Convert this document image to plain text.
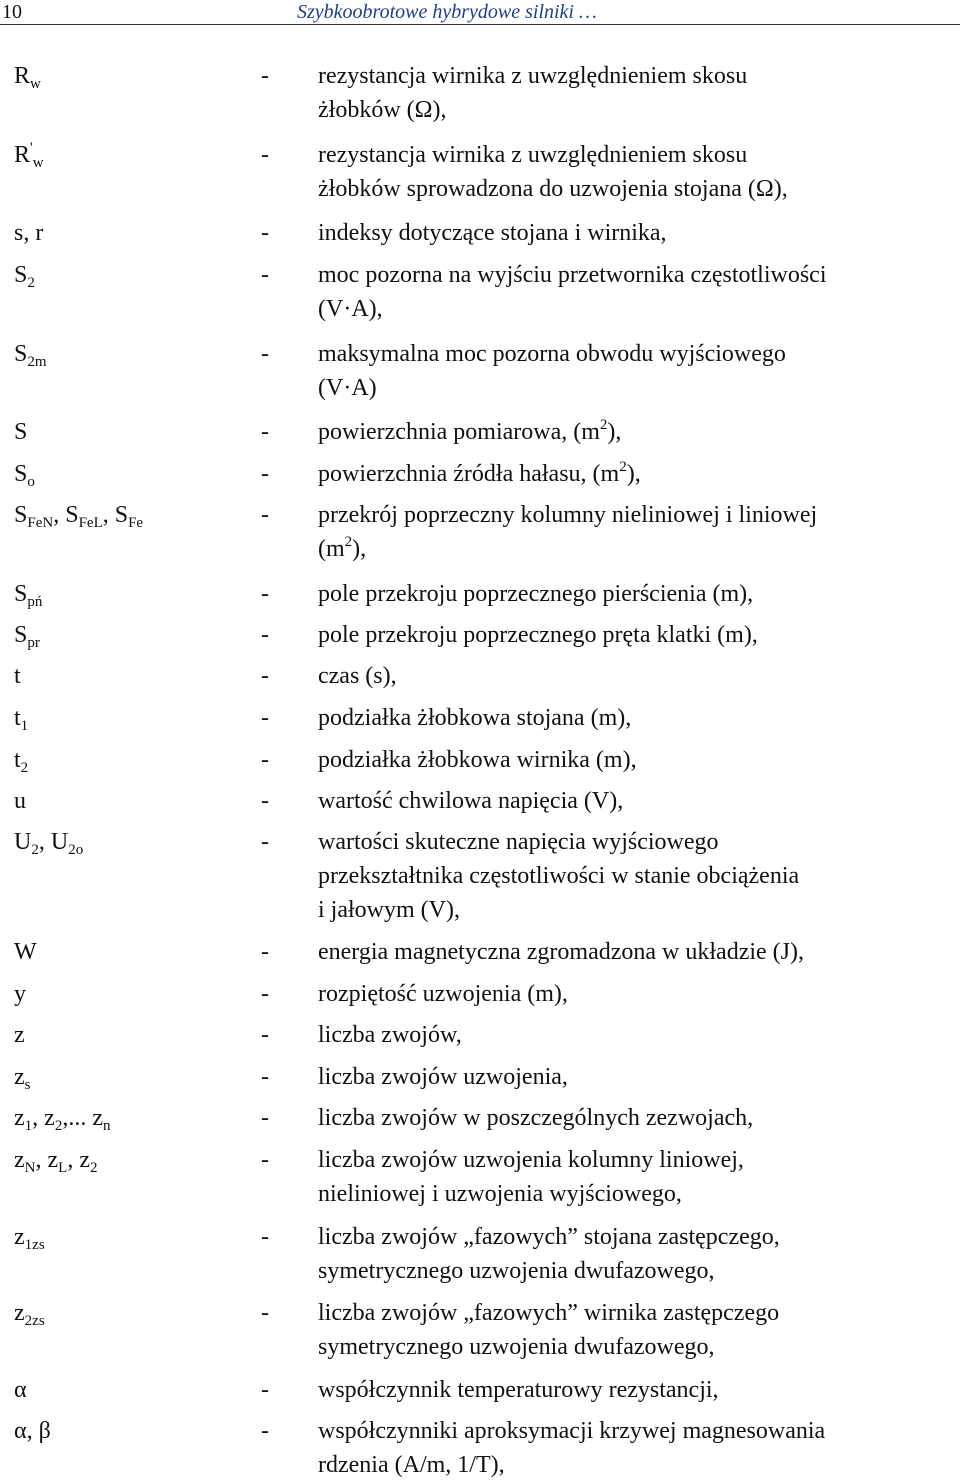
10	Szybkoobrotowe hybrydowe silniki …
$R_w$	- rezystancja wirnika z uwzględnieniem skosu
żłobków (Ω),
$R'_w$	- rezystancja wirnika z uwzględnieniem skosu
żłobków sprowadzona do uzwojenia stojana (Ω),
s, r	- indeksy dotyczące stojana i wirnika,
$S_2$	- moc pozorna na wyjściu przetwornika częstotliwości
(V·A),
$S_{2m}$	- maksymalna moc pozorna obwodu wyjściowego
(V·A)
S	- powierzchnia pomiarowa, $(m^2)$,
$S_o$	- powierzchnia źródła hałasu, $(m^2)$,
$S_{FeN}$, $S_{FeL}$, $S_{Fe}$	- przekrój poprzeczny kolumny nieliniowej i liniowej
$(m^2)$,
$S_{pń}$	- pole przekroju poprzecznego pierścienia (m),
$S_{pr}$	- pole przekroju poprzecznego pręta klatki (m),
t	- czas (s),
$t_1$	- podziałka żłobkowa stojana (m),
$t_2$	- podziałka żłobkowa wirnika (m),
u	- wartość chwilowa napięcia (V),
$U_2$, $U_{2o}$	- wartości skuteczne napięcia wyjściowego
przekształtnika częstotliwości w stanie obciążenia
i jałowym (V),
W	- energia magnetyczna zgromadzona w układzie (J),
y	- rozpiętość uzwojenia (m),
z	- liczba zwojów,
$z_s$	- liczba zwojów uzwojenia,
$z_1$, $z_2$,... $z_n$	- liczba zwojów w poszczególnych zezwojach,
$z_N$, $z_L$, $z_2$	- liczba zwojów uzwojenia kolumny liniowej,
nieliniowej i uzwojenia wyjściowego,
$z_{1zs}$	- liczba zwojów „fazowych” stojana zastępczego,
symetrycznego uzwojenia dwufazowego,
$z_{2zs}$	- liczba zwojów „fazowych” wirnika zastępczego
symetrycznego uzwojenia dwufazowego,
α	- współczynnik temperaturowy rezystancji,
α, β	- współczynniki aproksymacji krzywej magnesowania
rdzenia (A/m, 1/T),
